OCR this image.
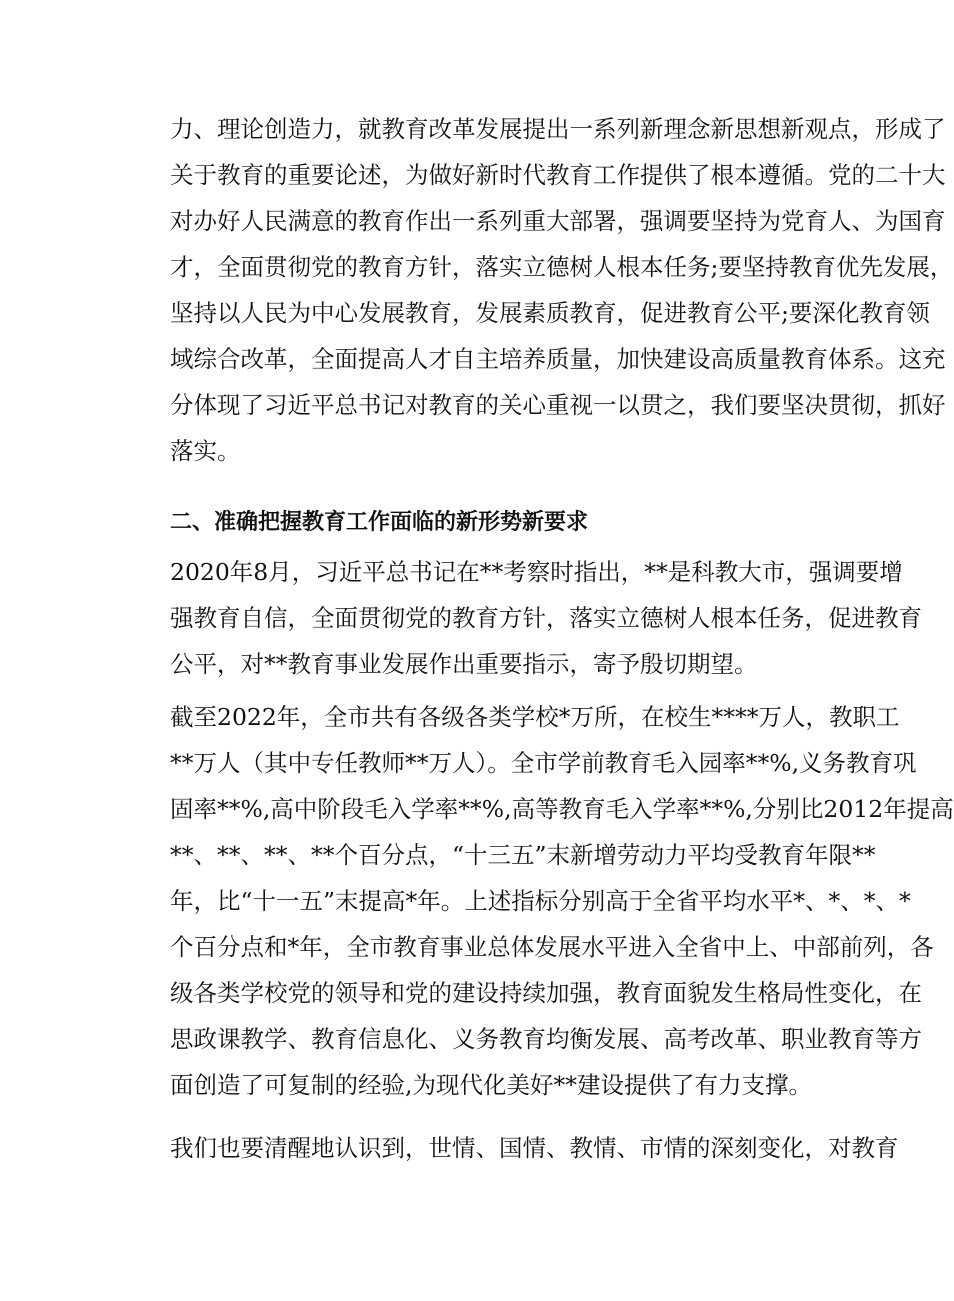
力、理论创造力，就教育改革发展提出一系列新理念新思想新观点，形成了
关于教育的重要论述，为做好新时代教育工作提供了根本遵循。党的二十大
对办好人民满意的教育作出一系列重大部署，强调要坚持为党育人、为国育
才，全面贯彻党的教育方针，落实立德树人根本任务;要坚持教育优先发展，
坚持以人民为中心发展教育，发展素质教育，促进教育公平;要深化教育领
域综合改革，全面提高人才自主培养质量，加快建设高质量教育体系。这充
分体现了习近平总书记对教育的关心重视一以贯之，我们要坚决贯彻，抓好
落实。
二、准确把握教育工作面临的新形势新要求
2020年8月，习近平总书记在**考察时指出，**是科教大市，强调要增
强教育自信，全面贯彻党的教育方针，落实立德树人根本任务，促进教育
公平，对**教育事业发展作出重要指示，寄予殷切期望。
截至2022年，全市共有各级各类学校*万所，在校生****万人，教职工
**万人（其中专任教师**万人）。全市学前教育毛入园率**%,义务教育巩
固率**%,高中阶段毛入学率**%,高等教育毛入学率**%,分别比2012年提高
**、**、**、**个百分点，“十三五”末新增劳动力平均受教育年限**
年，比“十一五”末提高*年。上述指标分别高于全省平均水平*、*、*、*
个百分点和*年，全市教育事业总体发展水平进入全省中上、中部前列，各
级各类学校党的领导和党的建设持续加强，教育面貌发生格局性变化，在
思政课教学、教育信息化、义务教育均衡发展、高考改革、职业教育等方
面创造了可复制的经验,为现代化美好**建设提供了有力支撑。
我们也要清醒地认识到，世情、国情、教情、市情的深刻变化，对教育
